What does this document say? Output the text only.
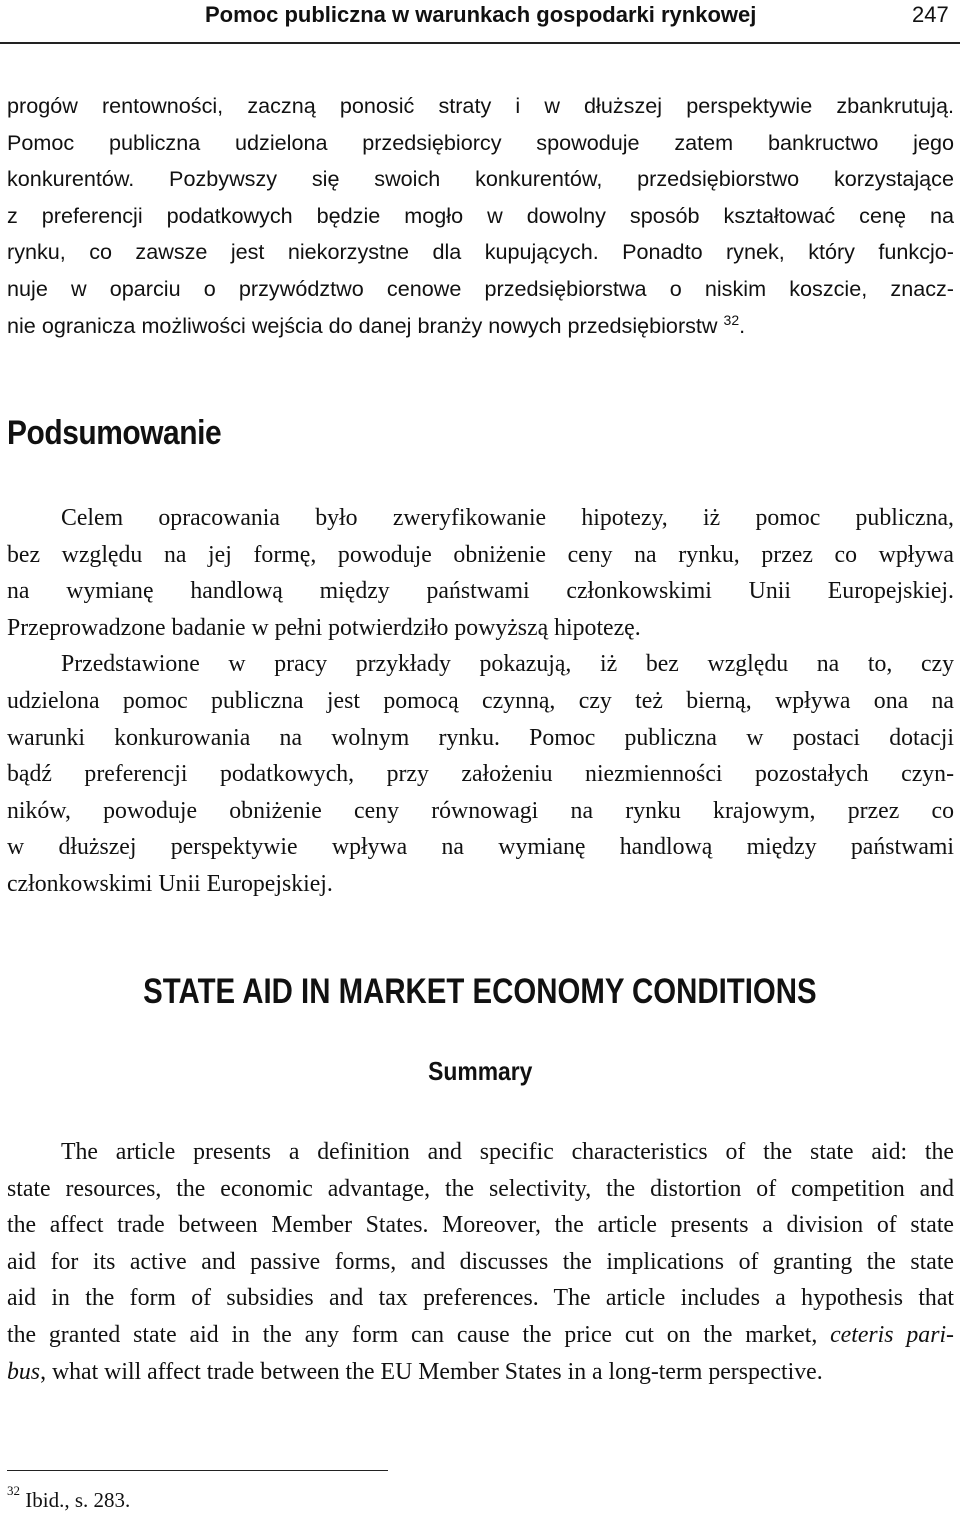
Pomoc publiczna w warunkach gospodarki rynkowej	247
progów rentowności, zaczną ponosić straty i w dłuższej perspektywie zbankrutują.
Pomoc publiczna udzielona przedsiębiorcy spowoduje zatem bankructwo jego
konkurentów. Pozbywszy się swoich konkurentów, przedsiębiorstwo korzystające
z preferencji podatkowych będzie mogło w dowolny sposób kształtować cenę na
rynku, co zawsze jest niekorzystne dla kupujących. Ponadto rynek, który funkcjo-
nuje w oparciu o przywództwo cenowe przedsiębiorstwa o niskim koszcie, znacz-
nie ogranicza możliwości wejścia do danej branży nowych przedsiębiorstw $^{32}$.
Podsumowanie
Celem opracowania było zweryfikowanie hipotezy, iż pomoc publiczna,
bez względu na jej formę, powoduje obniżenie ceny na rynku, przez co wpływa
na wymianę handlową między państwami członkowskimi Unii Europejskiej.
Przeprowadzone badanie w pełni potwierdziło powyższą hipotezę.
Przedstawione w pracy przykłady pokazują, iż bez względu na to, czy
udzielona pomoc publiczna jest pomocą czynną, czy też bierną, wpływa ona na
warunki konkurowania na wolnym rynku. Pomoc publiczna w postaci dotacji
bądź preferencji podatkowych, przy założeniu niezmienności pozostałych czyn-
ników, powoduje obniżenie ceny równowagi na rynku krajowym, przez co
w dłuższej perspektywie wpływa na wymianę handlową między państwami
członkowskimi Unii Europejskiej.
STATE AID IN MARKET ECONOMY CONDITIONS
Summary
The article presents a definition and specific characteristics of the state aid: the
state resources, the economic advantage, the selectivity, the distortion of competition and
the affect trade between Member States. Moreover, the article presents a division of state
aid for its active and passive forms, and discusses the implications of granting the state
aid in the form of subsidies and tax preferences. The article includes a hypothesis that
the granted state aid in the any form can cause the price cut on the market, ceteris pari-
bus, what will affect trade between the EU Member States in a long-term perspective.
$^{32}$ Ibid., s. 283.
